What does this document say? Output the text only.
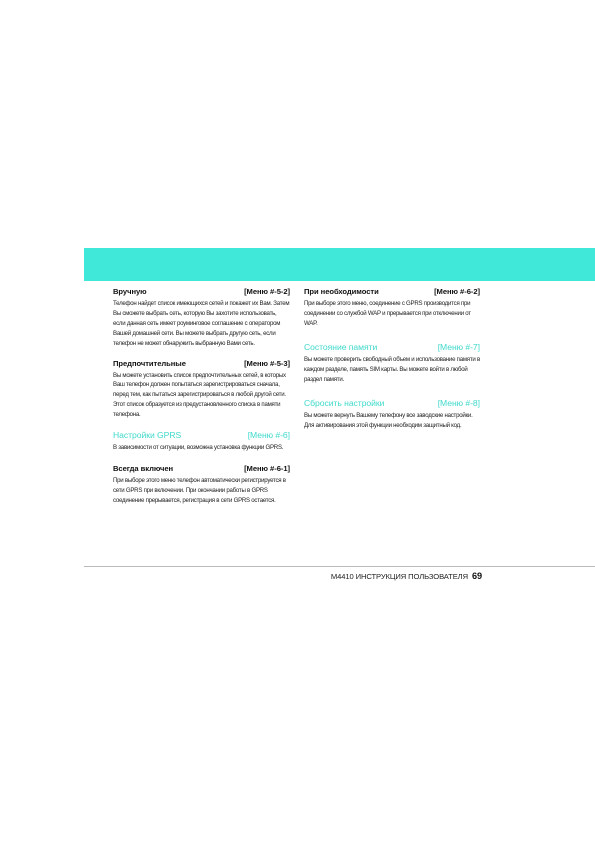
Вручную	[Меню #-5-2]

Телефон найдет список имеющихся сетей и покажет их Вам. Затем Вы сможете выбрать сеть, которую Вы захотите использовать, если данная сеть имеет роуминговое соглашение с оператором Вашей домашней сети. Вы можете выбрать другую сеть, если телефон не может обнаружить выбранную Вами сеть.

Предпочтительные	[Меню #-5-3]

Вы можете установить список предпочтительных сетей, в которых Ваш телефон должен попытаться зарегистрироваться сначала, перед тем, как пытаться зарегистрироваться в любой другой сети. Этот список образуется из предустановленного списка в памяти телефона.

Настройки GPRS	[Меню #-6]

В зависимости от ситуации, возможна установка функции GPRS.

Всегда включен	[Меню #-6-1]

При выборе этого меню телефон автоматически регистрируется в сети GPRS при включении. При окончании работы в GPRS соединение прерывается, регистрация в сети GPRS остается.

При необходимости	[Меню #-6-2]

При выборе этого меню, соединение с GPRS производится при соединении со службой WAP и прерывается при отключении от WAP.

Состояние памяти	[Меню #-7]

Вы можете проверить свободный объем и использование памяти в каждом разделе, память SIM карты. Вы можете войти в любой раздел памяти.

Сбросить настройки	[Меню #-8]

Вы можете вернуть Вашему телефону все заводские настройки. Для активирования этой функции необходим защитный код.

M4410 ИНСТРУКЦИЯ ПОЛЬЗОВАТЕЛЯ 69
